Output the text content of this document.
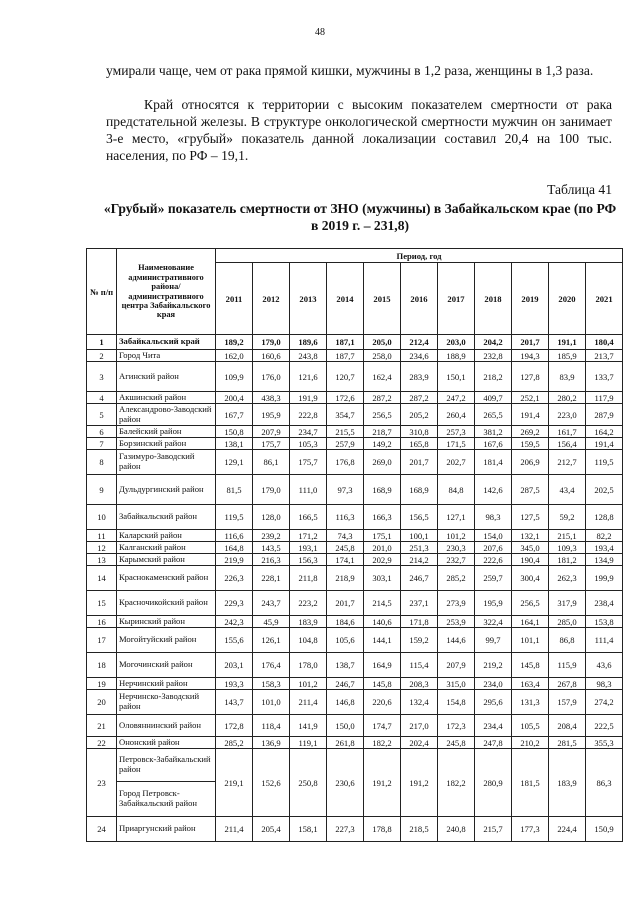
48

умирали чаще, чем от рака прямой кишки, мужчины в 1,2 раза, женщины в 1,3 раза.

Край относятся к территории с высоким показателем смертности от рака предстательной железы. В структуре онкологической смертности мужчин он занимает 3-е место, «грубый» показатель данной локализации составил 20,4 на 100 тыс. населения, по РФ – 19,1.

Таблица 41
«Грубый» показатель смертности от ЗНО (мужчины) в Забайкальском крае (по РФ в 2019 г. – 231,8)
№ п/п	Наименование административного района/ административного центра Забайкальского края	Период, год										
		2011	2012	2013	2014	2015	2016	2017	2018	2019	2020	2021
1	Забайкальский край	189,2	179,0	189,6	187,1	205,0	212,4	203,0	204,2	201,7	191,1	180,4
2	Город Чита	162,0	160,6	243,8	187,7	258,0	234,6	188,9	232,8	194,3	185,9	213,7
3	Агинский район	109,9	176,0	121,6	120,7	162,4	283,9	150,1	218,2	127,8	83,9	133,7
4	Акшинский район	200,4	438,3	191,9	172,6	287,2	287,2	247,2	409,7	252,1	280,2	117,9
5	Александрово-Заводский район	167,7	195,9	222,8	354,7	256,5	205,2	260,4	265,5	191,4	223,0	287,9
6	Балейский район	150,8	207,9	234,7	215,5	218,7	310,8	257,3	381,2	269,2	161,7	164,2
7	Борзинский район	138,1	175,7	105,3	257,9	149,2	165,8	171,5	167,6	159,5	156,4	191,4
8	Газимуро-Заводский район	129,1	86,1	175,7	176,8	269,0	201,7	202,7	181,4	206,9	212,7	119,5
9	Дульдургинский район	81,5	179,0	111,0	97,3	168,9	168,9	84,8	142,6	287,5	43,4	202,5
10	Забайкальский район	119,5	128,0	166,5	116,3	166,3	156,5	127,1	98,3	127,5	59,2	128,8
11	Каларский район	116,6	239,2	171,2	74,3	175,1	100,1	101,2	154,0	132,1	215,1	82,2
12	Калганский район	164,8	143,5	193,1	245,8	201,0	251,3	230,3	207,6	345,0	109,3	193,4
13	Карымский район	219,9	216,3	156,3	174,1	202,9	214,2	232,7	222,6	190,4	181,2	134,9
14	Краснокаменский район	226,3	228,1	211,8	218,9	303,1	246,7	285,2	259,7	300,4	262,3	199,9
15	Красночикойский район	229,3	243,7	223,2	201,7	214,5	237,1	273,9	195,9	256,5	317,9	238,4
16	Кыринский район	242,3	45,9	183,9	184,6	140,6	171,8	253,9	322,4	164,1	285,0	153,8
17	Могойтуйский район	155,6	126,1	104,8	105,6	144,1	159,2	144,6	99,7	101,1	86,8	111,4
18	Могочинский район	203,1	176,4	178,0	138,7	164,9	115,4	207,9	219,2	145,8	115,9	43,6
19	Нерчинский район	193,3	158,3	101,2	246,7	145,8	208,3	315,0	234,0	163,4	267,8	98,3
20	Нерчинско-Заводский район	143,7	101,0	211,4	146,8	220,6	132,4	154,8	295,6	131,3	157,9	274,2
21	Оловяннинский район	172,8	118,4	141,9	150,0	174,7	217,0	172,3	234,4	105,5	208,4	222,5
22	Ононский район	285,2	136,9	119,1	261,8	182,2	202,4	245,8	247,8	210,2	281,5	355,3
23	Петровск-Забайкальский район	219,1	152,6	250,8	230,6	191,2	191,2	182,2	280,9	181,5	183,9	86,3
	Город Петровск-Забайкальский район											
24	Приаргунский район	211,4	205,4	158,1	227,3	178,8	218,5	240,8	215,7	177,3	224,4	150,9
